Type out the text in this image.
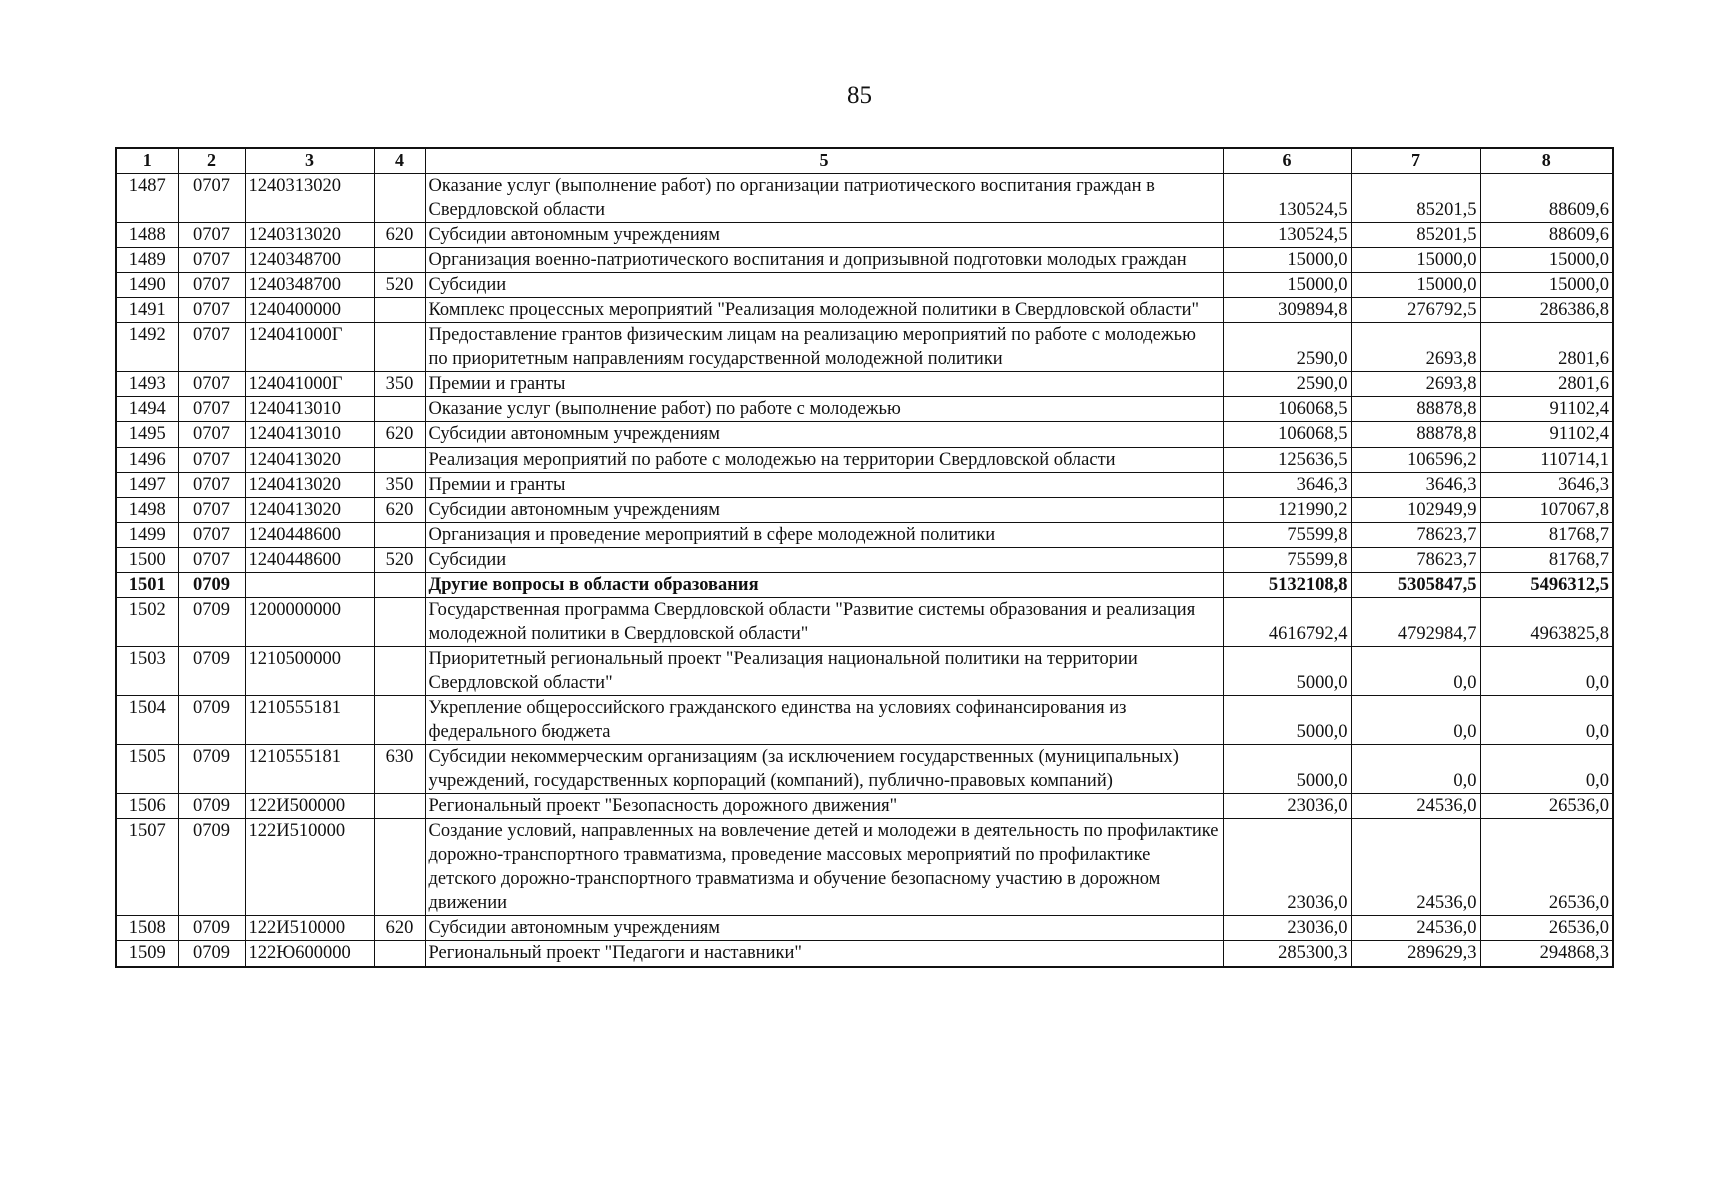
85
1	2	3	4	5	6	7	8
1487	0707	1240313020		Оказание услуг (выполнение работ) по организации патриотического воспитания граждан в Свердловской области	130524,5	85201,5	88609,6
1488	0707	1240313020	620	Субсидии автономным учреждениям	130524,5	85201,5	88609,6
1489	0707	1240348700		Организация военно-патриотического воспитания и допризывной подготовки молодых граждан	15000,0	15000,0	15000,0
1490	0707	1240348700	520	Субсидии	15000,0	15000,0	15000,0
1491	0707	1240400000		Комплекс процессных мероприятий "Реализация молодежной политики в Свердловской области"	309894,8	276792,5	286386,8
1492	0707	124041000Г		Предоставление грантов физическим лицам на реализацию мероприятий по работе с молодежью по приоритетным направлениям государственной молодежной политики	2590,0	2693,8	2801,6
1493	0707	124041000Г	350	Премии и гранты	2590,0	2693,8	2801,6
1494	0707	1240413010		Оказание услуг (выполнение работ) по работе с молодежью	106068,5	88878,8	91102,4
1495	0707	1240413010	620	Субсидии автономным учреждениям	106068,5	88878,8	91102,4
1496	0707	1240413020		Реализация мероприятий по работе с молодежью на территории Свердловской области	125636,5	106596,2	110714,1
1497	0707	1240413020	350	Премии и гранты	3646,3	3646,3	3646,3
1498	0707	1240413020	620	Субсидии автономным учреждениям	121990,2	102949,9	107067,8
1499	0707	1240448600		Организация и проведение мероприятий в сфере молодежной политики	75599,8	78623,7	81768,7
1500	0707	1240448600	520	Субсидии	75599,8	78623,7	81768,7
1501	0709			Другие вопросы в области образования	5132108,8	5305847,5	5496312,5
1502	0709	1200000000		Государственная программа Свердловской области "Развитие системы образования и реализация молодежной политики в Свердловской области"	4616792,4	4792984,7	4963825,8
1503	0709	1210500000		Приоритетный региональный проект "Реализация национальной политики на территории Свердловской области"	5000,0	0,0	0,0
1504	0709	1210555181		Укрепление общероссийского гражданского единства на условиях софинансирования из федерального бюджета	5000,0	0,0	0,0
1505	0709	1210555181	630	Субсидии некоммерческим организациям (за исключением государственных (муниципальных) учреждений, государственных корпораций (компаний), публично-правовых компаний)	5000,0	0,0	0,0
1506	0709	122И500000		Региональный проект "Безопасность дорожного движения"	23036,0	24536,0	26536,0
1507	0709	122И510000		Создание условий, направленных на вовлечение детей и молодежи в деятельность по профилактике дорожно-транспортного травматизма, проведение массовых мероприятий по профилактике детского дорожно-транспортного травматизма и обучение безопасному участию в дорожном движении	23036,0	24536,0	26536,0
1508	0709	122И510000	620	Субсидии автономным учреждениям	23036,0	24536,0	26536,0
1509	0709	122Ю600000		Региональный проект "Педагоги и наставники"	285300,3	289629,3	294868,3
